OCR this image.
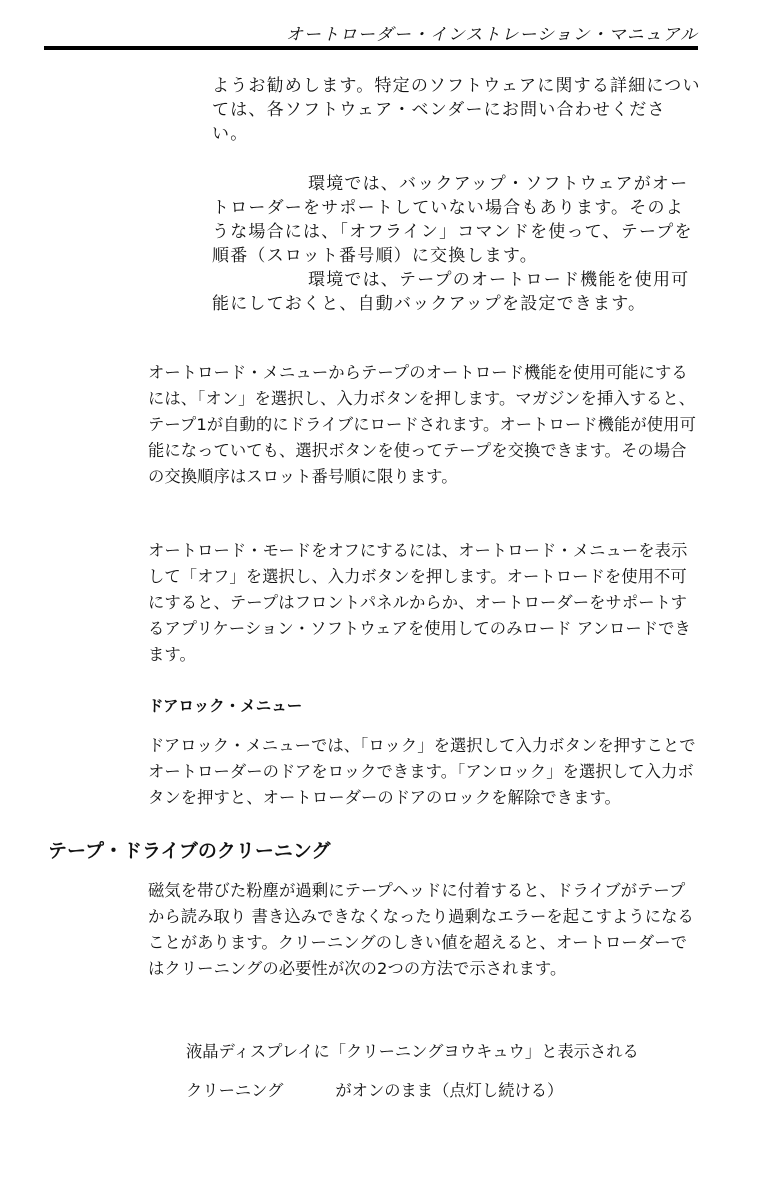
オートローダー・インストレーション・マニュアル

ようお勧めします。特定のソフトウェアに関する詳細については、各ソフトウェア・ベンダーにお問い合わせください。

環境では、バックアップ・ソフトウェアがオートローダーをサポートしていない場合もあります。そのような場合には、「オフライン」コマンドを使って、テープを順番（スロット番号順）に交換します。

環境では、テープのオートロード機能を使用可能にしておくと、自動バックアップを設定できます。

オートロード・メニューからテープのオートロード機能を使用可能にするには、「オン」を選択し、入力ボタンを押します。マガジンを挿入すると、テープ1が自動的にドライブにロードされます。オートロード機能が使用可能になっていても、選択ボタンを使ってテープを交換できます。その場合の交換順序はスロット番号順に限ります。

オートロード・モードをオフにするには、オートロード・メニューを表示して「オフ」を選択し、入力ボタンを押します。オートロードを使用不可にすると、テープはフロントパネルからか、オートローダーをサポートするアプリケーション・ソフトウェアを使用してのみロード アンロードできます。

ドアロック・メニュー

ドアロック・メニューでは、「ロック」を選択して入力ボタンを押すことでオートローダーのドアをロックできます。「アンロック」を選択して入力ボタンを押すと、オートローダーのドアのロックを解除できます。

テープ・ドライブのクリーニング

磁気を帯びた粉塵が過剰にテープヘッドに付着すると、ドライブがテープから読み取り 書き込みできなくなったり過剰なエラーを起こすようになることがあります。クリーニングのしきい値を超えると、オートローダーではクリーニングの必要性が次の2つの方法で示されます。

液晶ディスプレイに「クリーニングヨウキュウ」と表示される

クリーニング	がオンのまま（点灯し続ける）
